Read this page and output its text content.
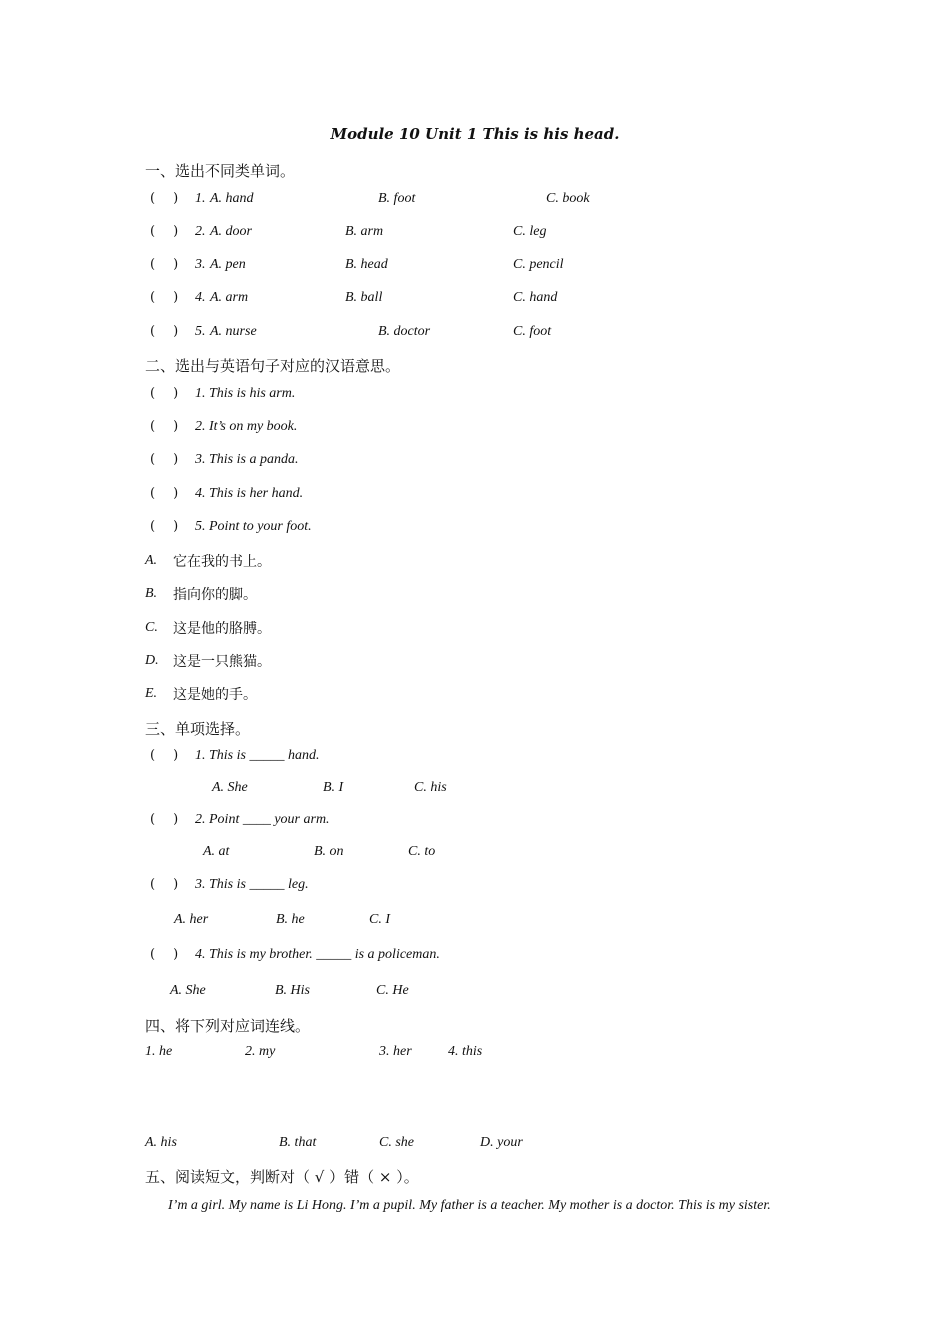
Module 10 Unit 1 This is his head.
一、选出不同类单词。
( ) 1. A. hand	B. foot	C. book
( ) 2. A. door	B. arm	C. leg
( ) 3. A. pen	B. head	C. pencil
( ) 4. A. arm	B. ball	C. hand
( ) 5. A. nurse	B. doctor	C. foot
二、选出与英语句子对应的汉语意思。
( ) 1. This is his arm.
( ) 2. It’s on my book.
( ) 3. This is a panda.
( ) 4. This is her hand.
( ) 5. Point to your foot.
A. 它在我的书上。
B. 指向你的脚。
C. 这是他的胳膊。
D. 这是一只熊猫。
E. 这是她的手。
三、单项选择。
( ) 1. This is _____ hand.
A. She	B. I	C. his
( ) 2. Point ____ your arm.
A. at	B. on	C. to
( ) 3. This is _____ leg.
A. her	B. he	C. I
( ) 4. This is my brother. _____ is a policeman.
A. She	B. His	C. He
四、将下列对应词连线。
1. he	2. my	3. her	4. this
A. his	B. that	C. she	D. your
五、阅读短文，判断对（ √ ）错（ × ）。
I’m a girl. My name is Li Hong. I’m a pupil. My father is a teacher. My mother is a doctor. This is my sister.
